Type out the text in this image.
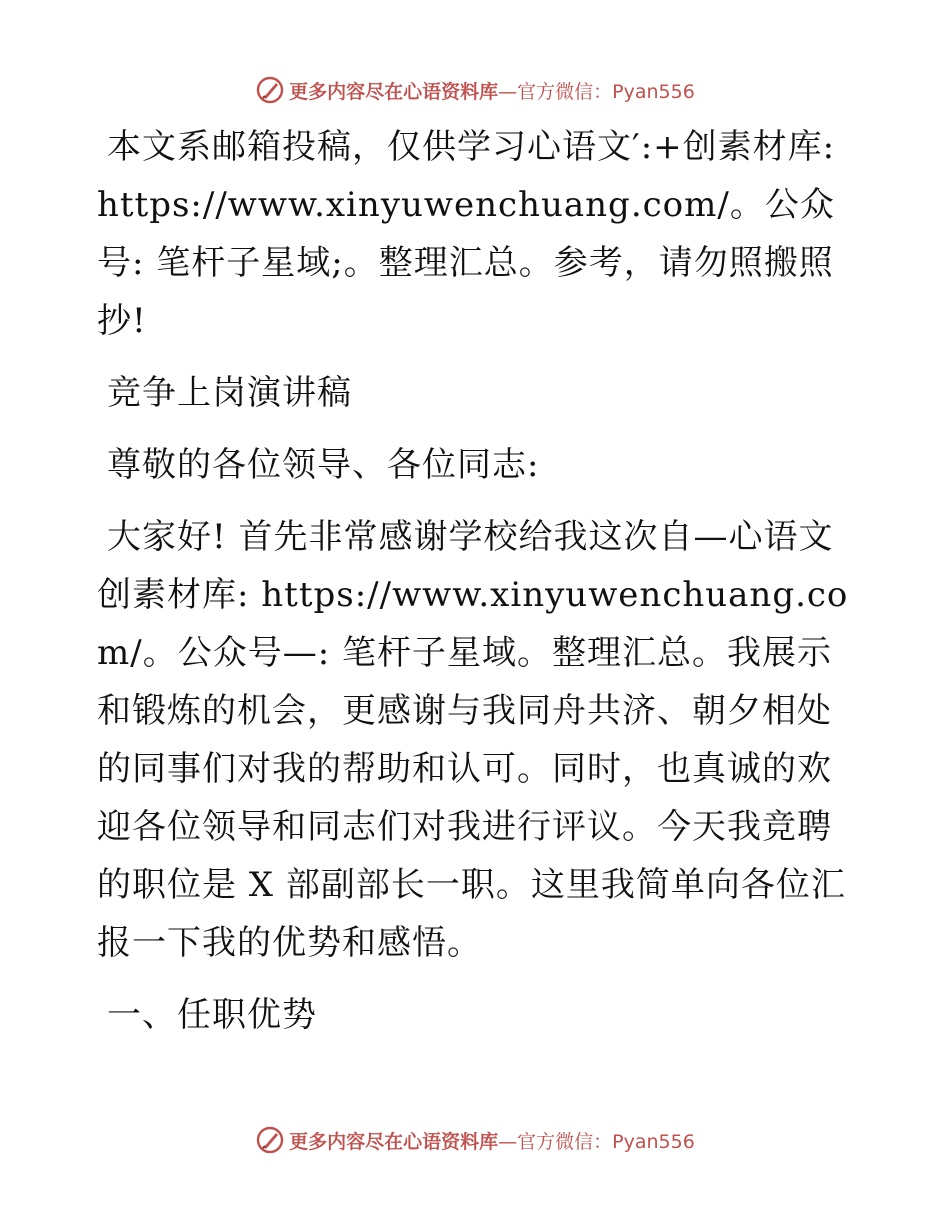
更多内容尽在心语资料库—官方微信：Pyan556

本文系邮箱投稿，仅供学习心语文′:+创素材库: https://www.xinyuwenchuang.com/。公众号: 笔杆子星域;。整理汇总。参考，请勿照搬照抄!

竞争上岗演讲稿

尊敬的各位领导、各位同志:

大家好! 首先非常感谢学校给我这次自—心语文创素材库: https://www.xinyuwenchuang.com/。公众号—: 笔杆子星域。整理汇总。我展示和锻炼的机会，更感谢与我同舟共济、朝夕相处的同事们对我的帮助和认可。同时，也真诚的欢迎各位领导和同志们对我进行评议。今天我竞聘的职位是 X 部副部长一职。这里我简单向各位汇报一下我的优势和感悟。

一、任职优势

更多内容尽在心语资料库—官方微信：Pyan556
